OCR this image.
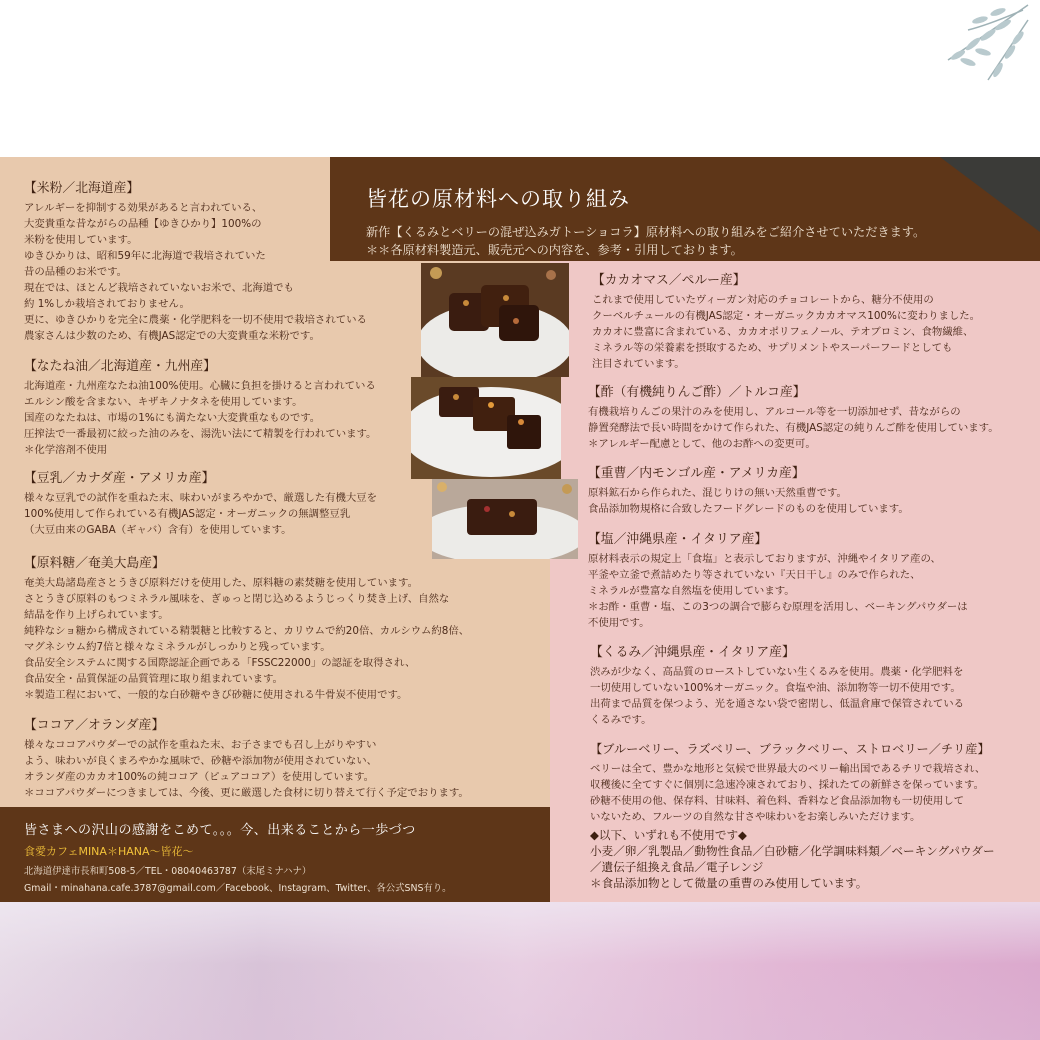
皆花の原材料への取り組み
新作【くるみとベリーの混ぜ込みガトーショコラ】原材料への取り組みをご紹介させていただきます。
＊＊各原材料製造元、販売元への内容を、参考・引用しております。
【米粉／北海道産】

アレルギーを抑制する効果があると言われている、

大変貴重な昔ながらの品種【ゆきひかり】100%の

米粉を使用しています。

ゆきひかりは、昭和59年に北海道で栽培されていた

昔の品種のお米です。

現在では、ほとんど栽培されていないお米で、北海道でも

約 1%しか栽培されておりません。

更に、ゆきひかりを完全に農薬・化学肥料を一切不使用で栽培されている

農家さんは少数のため、有機JAS認定での大変貴重な米粉です。

【なたね油／北海道産・九州産】

北海道産・九州産なたね油100%使用。心臓に負担を掛けると言われている

エルシン酸を含まない、キザキノナタネを使用しています。

国産のなたねは、市場の1%にも満たない大変貴重なものです。

圧搾法で一番最初に絞った油のみを、湯洗い法にて精製を行われています。

＊化学溶剤不使用

【豆乳／カナダ産・アメリカ産】

様々な豆乳での試作を重ねた末、味わいがまろやかで、厳選した有機大豆を

100%使用して作られている有機JAS認定・オーガニックの無調整豆乳

（大豆由来のGABA（ギャバ）含有）を使用しています。

【原料糖／奄美大島産】

奄美大島諸島産さとうきび原料だけを使用した、原料糖の素焚糖を使用しています。

さとうきび原料のもつミネラル風味を、ぎゅっと閉じ込めるようじっくり焚き上げ、自然な

結晶を作り上げられています。

純粋なショ糖から構成されている精製糖と比較すると、カリウムで約20倍、カルシウム約8倍、

マグネシウム約7倍と様々なミネラルがしっかりと残っています。

食品安全システムに関する国際認証企画である「FSSC22000」の認証を取得され、

食品安全・品質保証の品質管理に取り組まれています。

＊製造工程において、一般的な白砂糖やきび砂糖に使用される牛骨炭不使用です。

【ココア／オランダ産】

様々なココアパウダーでの試作を重ねた末、お子さまでも召し上がりやすい

よう、味わいが良くまろやかな風味で、砂糖や添加物が使用されていない、

オランダ産のカカオ100%の純ココア（ピュアココア）を使用しています。

＊ココアパウダーにつきましては、今後、更に厳選した食材に切り替えて行く予定でおります。

【カカオマス／ペルー産】

これまで使用していたヴィーガン対応のチョコレートから、糖分不使用の

クーベルチュールの有機JAS認定・オーガニックカカオマス100%に変わりました。

カカオに豊富に含まれている、カカオポリフェノール、テオブロミン、食物繊維、

ミネラル等の栄養素を摂取するため、サプリメントやスーパーフードとしても

注目されています。

【酢（有機純りんご酢）／トルコ産】

有機栽培りんごの果汁のみを使用し、アルコール等を一切添加せず、昔ながらの

静置発酵法で長い時間をかけて作られた、有機JAS認定の純りんご酢を使用しています。

＊アレルギー配慮として、他のお酢への変更可。

【重曹／内モンゴル産・アメリカ産】

原料鉱石から作られた、混じりけの無い天然重曹です。

食品添加物規格に合致したフードグレードのものを使用しています。

【塩／沖縄県産・イタリア産】

原材料表示の規定上「食塩」と表示しておりますが、沖縄やイタリア産の、

平釜や立釜で煮詰めたり等されていない『天日干し』のみで作られた、

ミネラルが豊富な自然塩を使用しています。

＊お酢・重曹・塩、この3つの調合で膨らむ原理を活用し、ベーキングパウダーは

不使用です。

【くるみ／沖縄県産・イタリア産】

渋みが少なく、高品質のローストしていない生くるみを使用。農薬・化学肥料を

一切使用していない100%オーガニック。食塩や油、添加物等一切不使用です。

出荷まで品質を保つよう、光を通さない袋で密閉し、低温倉庫で保管されている

くるみです。

【ブルーベリー、ラズベリー、ブラックベリー、ストロベリー／チリ産】

ベリーは全て、豊かな地形と気候で世界最大のベリー輸出国であるチリで栽培され、

収穫後に全てすぐに個別に急速冷凍されており、採れたての新鮮さを保っています。

砂糖不使用の他、保存料、甘味料、着色料、香料など食品添加物も一切使用して

いないため、フルーツの自然な甘さや味わいをお楽しみいただけます。

◆以下、いずれも不使用です◆

小麦／卵／乳製品／動物性食品／白砂糖／化学調味料類／ベーキングパウダー

／遺伝子組換え食品／電子レンジ

＊食品添加物として微量の重曹のみ使用しています。

皆さまへの沢山の感謝をこめて。。。今、出来ることから一歩づつ
食愛カフェMINA＊HANA〜皆花〜
北海道伊達市長和町508-5／TEL・08040463787（末尾ミナハナ）
Gmail・minahana.cafe.3787@gmail.com／Facebook、Instagram、Twitter、各公式SNS有り。
